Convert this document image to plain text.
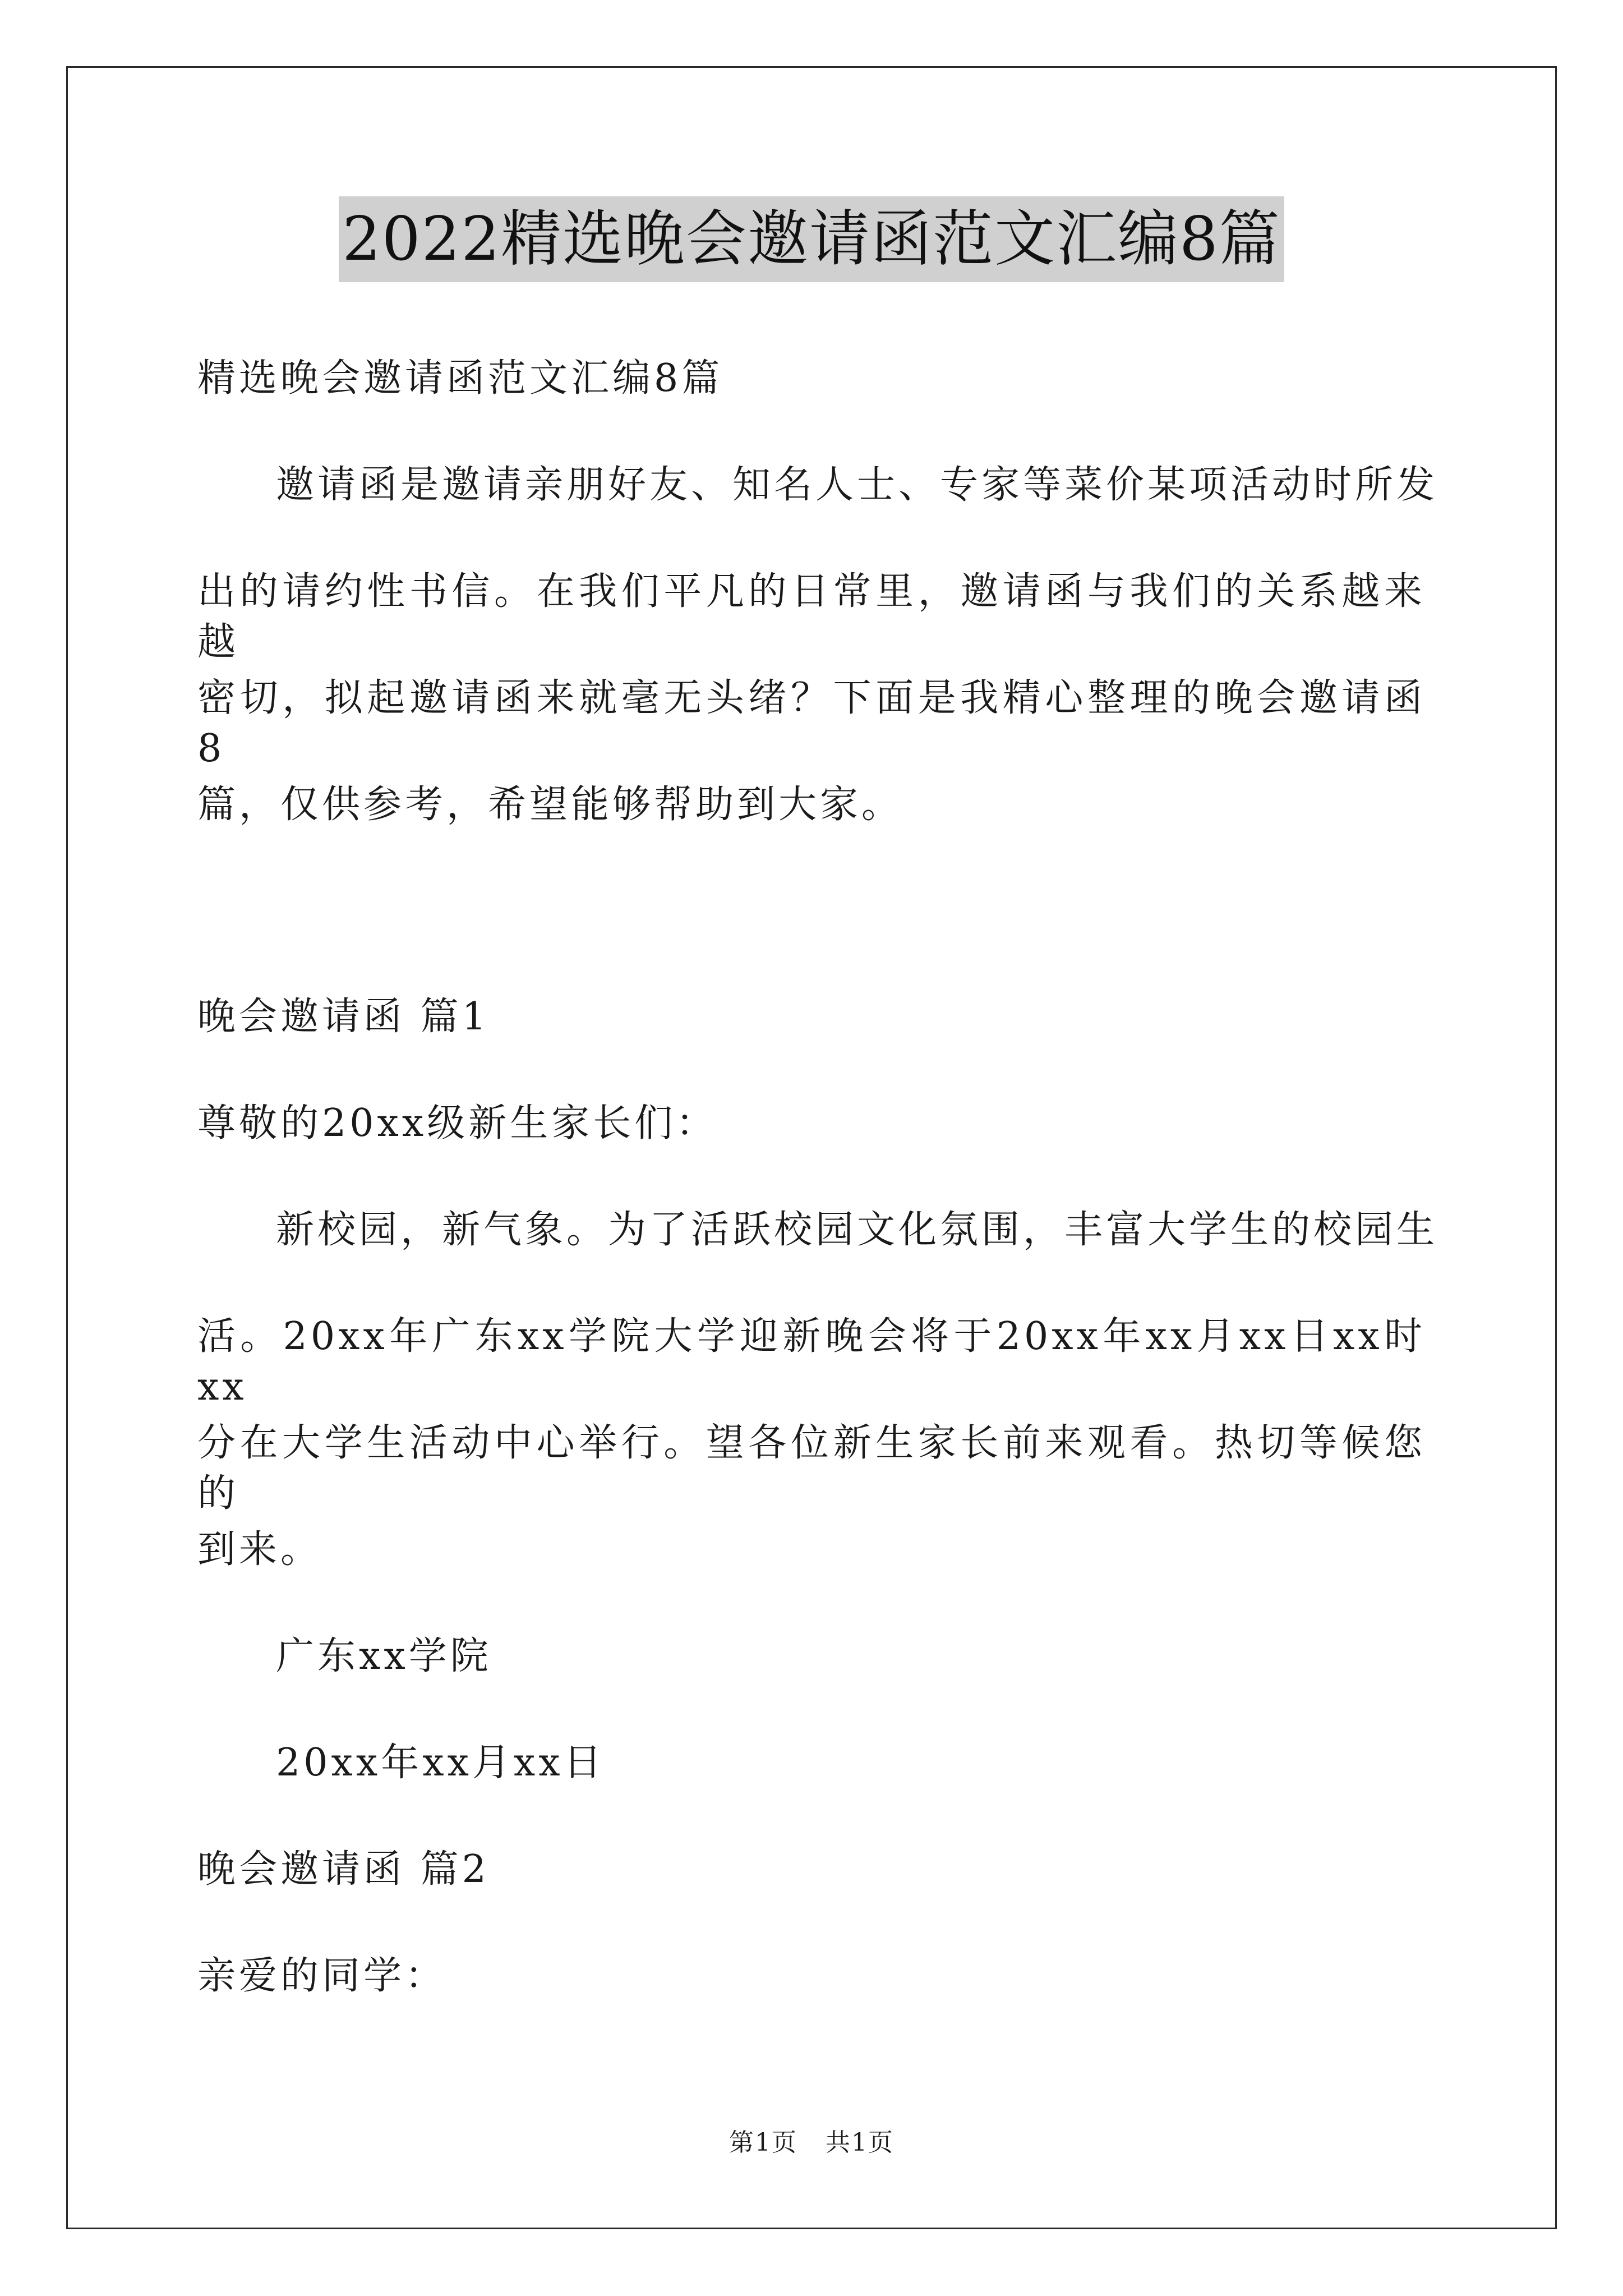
2022精选晚会邀请函范文汇编8篇
精选晚会邀请函范文汇编8篇
邀请函是邀请亲朋好友、知名人士、专家等菜价某项活动时所发
出的请约性书信。在我们平凡的日常里，邀请函与我们的关系越来越
密切，拟起邀请函来就毫无头绪？下面是我精心整理的晚会邀请函8
篇，仅供参考，希望能够帮助到大家。
晚会邀请函 篇1
尊敬的20xx级新生家长们：
新校园，新气象。为了活跃校园文化氛围，丰富大学生的校园生
活。20xx年广东xx学院大学迎新晚会将于20xx年xx月xx日xx时xx
分在大学生活动中心举行。望各位新生家长前来观看。热切等候您的
到来。
广东xx学院
20xx年xx月xx日
晚会邀请函 篇2
亲爱的同学：
第1页 共1页
